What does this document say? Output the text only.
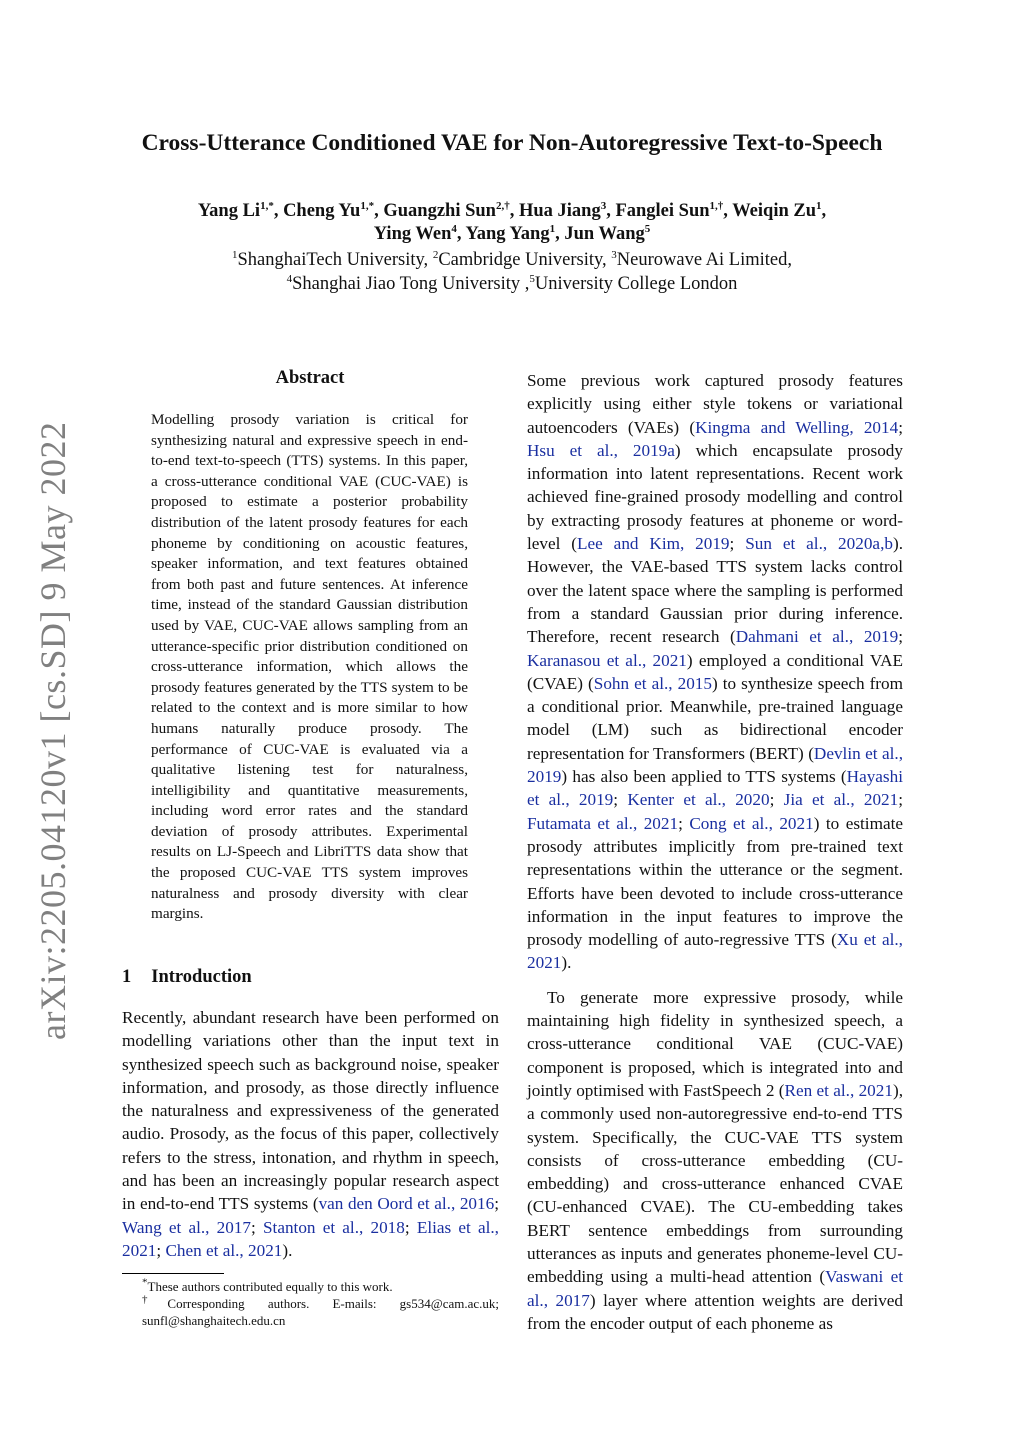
arXiv:2205.04120v1 [cs.SD] 9 May 2022
Cross-Utterance Conditioned VAE for Non-Autoregressive Text-to-Speech
Yang $Li^{1,*}$, Cheng $Yu^{1,*}$, Guangzhi Sun$^{2,\dagger}$, Hua Jiang$^3$, Fanglei Sun$^{1,\dagger}$, Weiqin Zu$^1$,
Ying Wen$^4$, Yang Yang$^1$, Jun Wang$^5$
$^1$ShanghaiTech University, $^2$Cambridge University, $^3$Neurowave Ai Limited,
$^4$Shanghai Jiao Tong University ,$^5$University College London
Abstract
Modelling prosody variation is critical for synthesizing natural and expressive speech in end-to-end text-to-speech (TTS) systems. In this paper, a cross-utterance conditional VAE (CUC-VAE) is proposed to estimate a posterior probability distribution of the latent prosody features for each phoneme by conditioning on acoustic features, speaker information, and text features obtained from both past and future sentences. At inference time, instead of the standard Gaussian distribution used by VAE, CUC-VAE allows sampling from an utterance-specific prior distribution conditioned on cross-utterance information, which allows the prosody features generated by the TTS system to be related to the context and is more similar to how humans naturally produce prosody. The performance of CUC-VAE is evaluated via a qualitative listening test for naturalness, intelligibility and quantitative measurements, including word error rates and the standard deviation of prosody attributes. Experimental results on LJ-Speech and LibriTTS data show that the proposed CUC-VAE TTS system improves naturalness and prosody diversity with clear margins.
1 Introduction
Recently, abundant research have been performed on modelling variations other than the input text in synthesized speech such as background noise, speaker information, and prosody, as those directly influence the naturalness and expressiveness of the generated audio. Prosody, as the focus of this paper, collectively refers to the stress, intonation, and rhythm in speech, and has been an increasingly popular research aspect in end-to-end TTS systems (van den Oord et al., 2016; Wang et al., 2017; Stanton et al., 2018; Elias et al., 2021; Chen et al., 2021).
*These authors contributed equally to this work.
†Corresponding authors. E-mails: gs534@cam.ac.uk; sunfl@shanghaitech.edu.cn

Some previous work captured prosody features explicitly using either style tokens or variational autoencoders (VAEs) (Kingma and Welling, 2014; Hsu et al., 2019a) which encapsulate prosody information into latent representations. Recent work achieved fine-grained prosody modelling and control by extracting prosody features at phoneme or word-level (Lee and Kim, 2019; Sun et al., 2020a,b). However, the VAE-based TTS system lacks control over the latent space where the sampling is performed from a standard Gaussian prior during inference. Therefore, recent research (Dahmani et al., 2019; Karanasou et al., 2021) employed a conditional VAE (CVAE) (Sohn et al., 2015) to synthesize speech from a conditional prior. Meanwhile, pre-trained language model (LM) such as bidirectional encoder representation for Transformers (BERT) (Devlin et al., 2019) has also been applied to TTS systems (Hayashi et al., 2019; Kenter et al., 2020; Jia et al., 2021; Futamata et al., 2021; Cong et al., 2021) to estimate prosody attributes implicitly from pre-trained text representations within the utterance or the segment. Efforts have been devoted to include cross-utterance information in the input features to improve the prosody modelling of auto-regressive TTS (Xu et al., 2021).

To generate more expressive prosody, while maintaining high fidelity in synthesized speech, a cross-utterance conditional VAE (CUC-VAE) component is proposed, which is integrated into and jointly optimised with FastSpeech 2 (Ren et al., 2021), a commonly used non-autoregressive end-to-end TTS system. Specifically, the CUC-VAE TTS system consists of cross-utterance embedding (CU-embedding) and cross-utterance enhanced CVAE (CU-enhanced CVAE). The CU-embedding takes BERT sentence embeddings from surrounding utterances as inputs and generates phoneme-level CU-embedding using a multi-head attention (Vaswani et al., 2017) layer where attention weights are derived from the encoder output of each phoneme as
